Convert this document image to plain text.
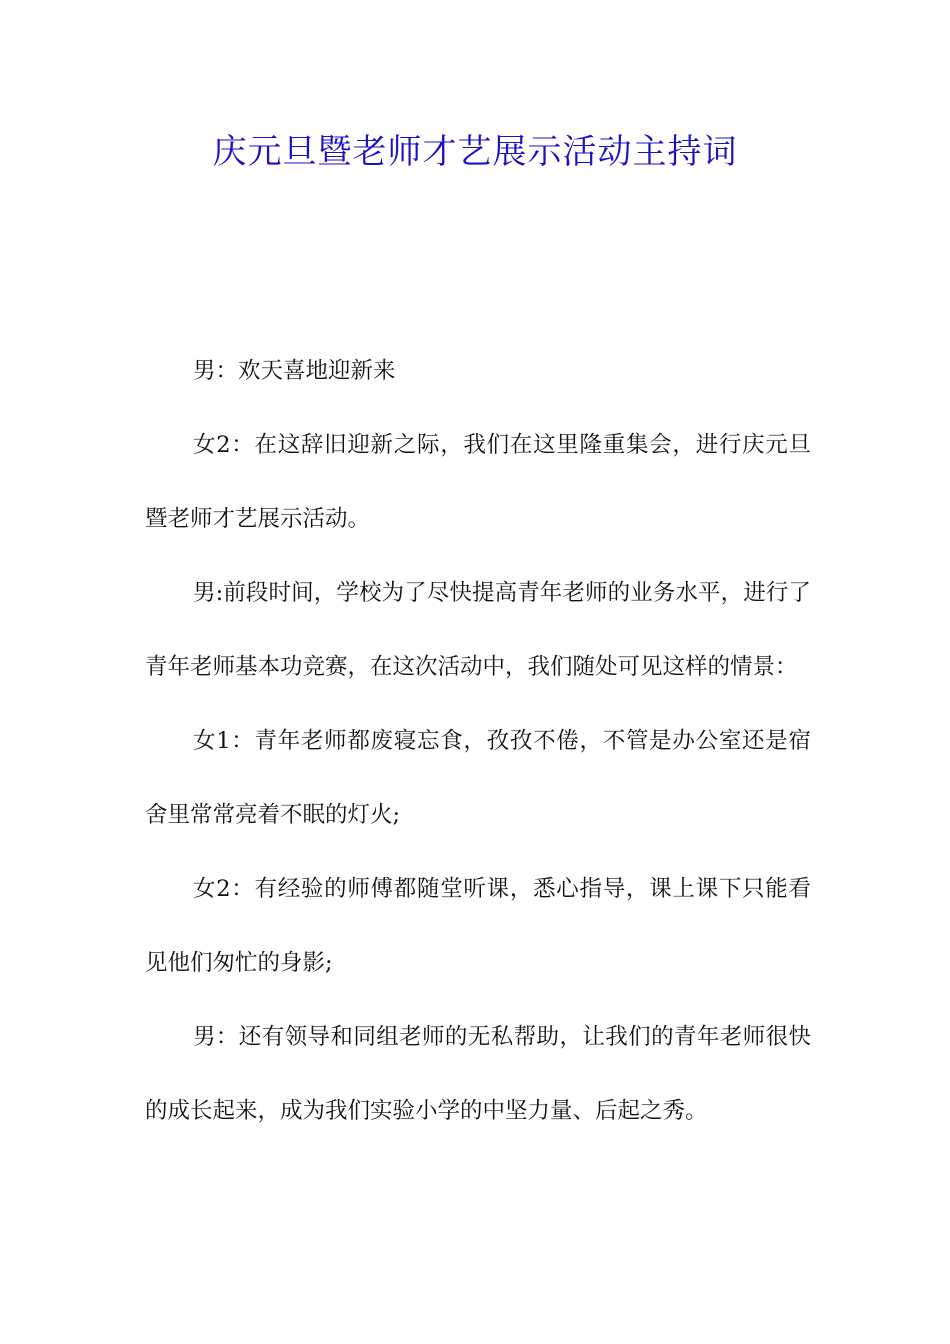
庆元旦暨老师才艺展示活动主持词

男：欢天喜地迎新来

女2：在这辞旧迎新之际，我们在这里隆重集会，进行庆元旦暨老师才艺展示活动。

男:前段时间，学校为了尽快提高青年老师的业务水平，进行了青年老师基本功竞赛，在这次活动中，我们随处可见这样的情景：

女1：青年老师都废寝忘食，孜孜不倦，不管是办公室还是宿舍里常常亮着不眠的灯火;

女2：有经验的师傅都随堂听课，悉心指导，课上课下只能看见他们匆忙的身影;

男：还有领导和同组老师的无私帮助，让我们的青年老师很快的成长起来，成为我们实验小学的中坚力量、后起之秀。
